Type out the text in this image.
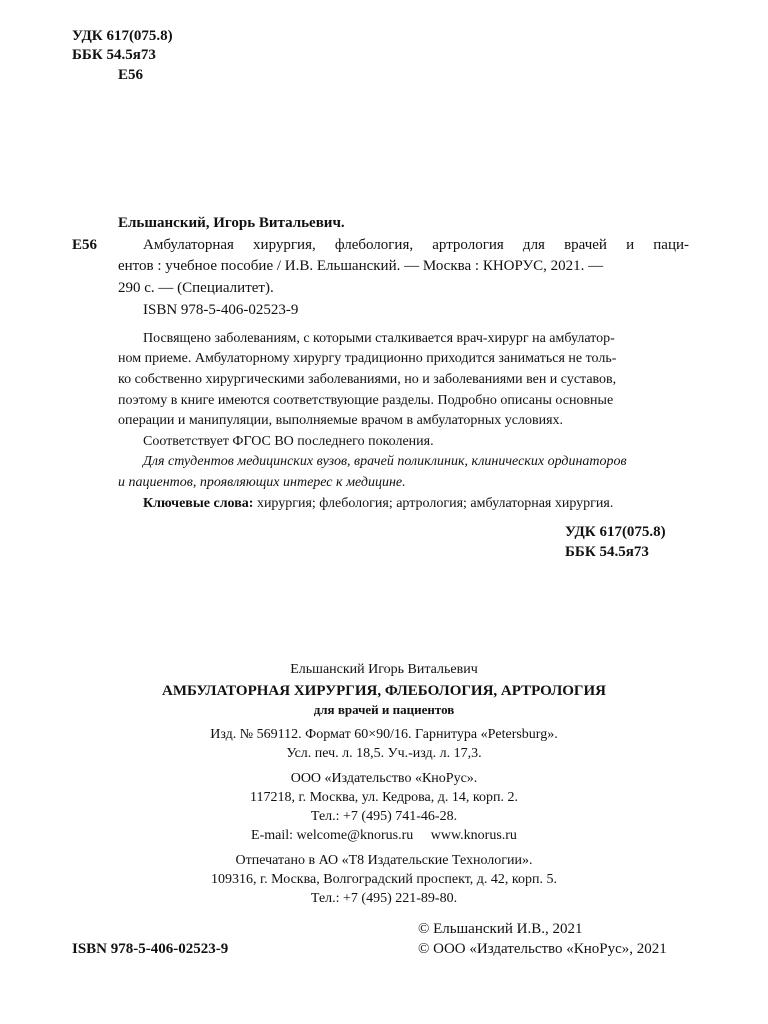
УДК 617(075.8)
ББК 54.5я73
Е56
Ельшанский, Игорь Витальевич.
Е56	Амбулаторная хирургия, флебология, артрология для врачей и паци-
ентов : учебное пособие / И.В. Ельшанский. — Москва : КНОРУС, 2021. —
290 с. — (Специалитет).
ISBN 978-5-406-02523-9
Посвящено заболеваниям, с которыми сталкивается врач-хирург на амбулатор-
ном приеме. Амбулаторному хирургу традиционно приходится заниматься не толь-
ко собственно хирургическими заболеваниями, но и заболеваниями вен и суставов,
поэтому в книге имеются соответствующие разделы. Подробно описаны основные
операции и манипуляции, выполняемые врачом в амбулаторных условиях.
Соответствует ФГОС ВО последнего поколения.
Для студентов медицинских вузов, врачей поликлиник, клинических ординаторов
и пациентов, проявляющих интерес к медицине.
Ключевые слова: хирургия; флебология; артрология; амбулаторная хирургия.
УДК 617(075.8)
ББК 54.5я73
Ельшанский Игорь Витальевич
АМБУЛАТОРНАЯ ХИРУРГИЯ, ФЛЕБОЛОГИЯ, АРТРОЛОГИЯ
для врачей и пациентов
Изд. № 569112. Формат 60×90/16. Гарнитура «Petersburg».
Усл. печ. л. 18,5. Уч.-изд. л. 17,3.
ООО «Издательство «КноРус».
117218, г. Москва, ул. Кедрова, д. 14, корп. 2.
Тел.: +7 (495) 741-46-28.
E-mail: welcome@knorus.ru     www.knorus.ru
Отпечатано в АО «Т8 Издательские Технологии».
109316, г. Москва, Волгоградский проспект, д. 42, корп. 5.
Тел.: +7 (495) 221-89-80.
ISBN 978-5-406-02523-9
© Ельшанский И.В., 2021
© ООО «Издательство «КноРус», 2021
